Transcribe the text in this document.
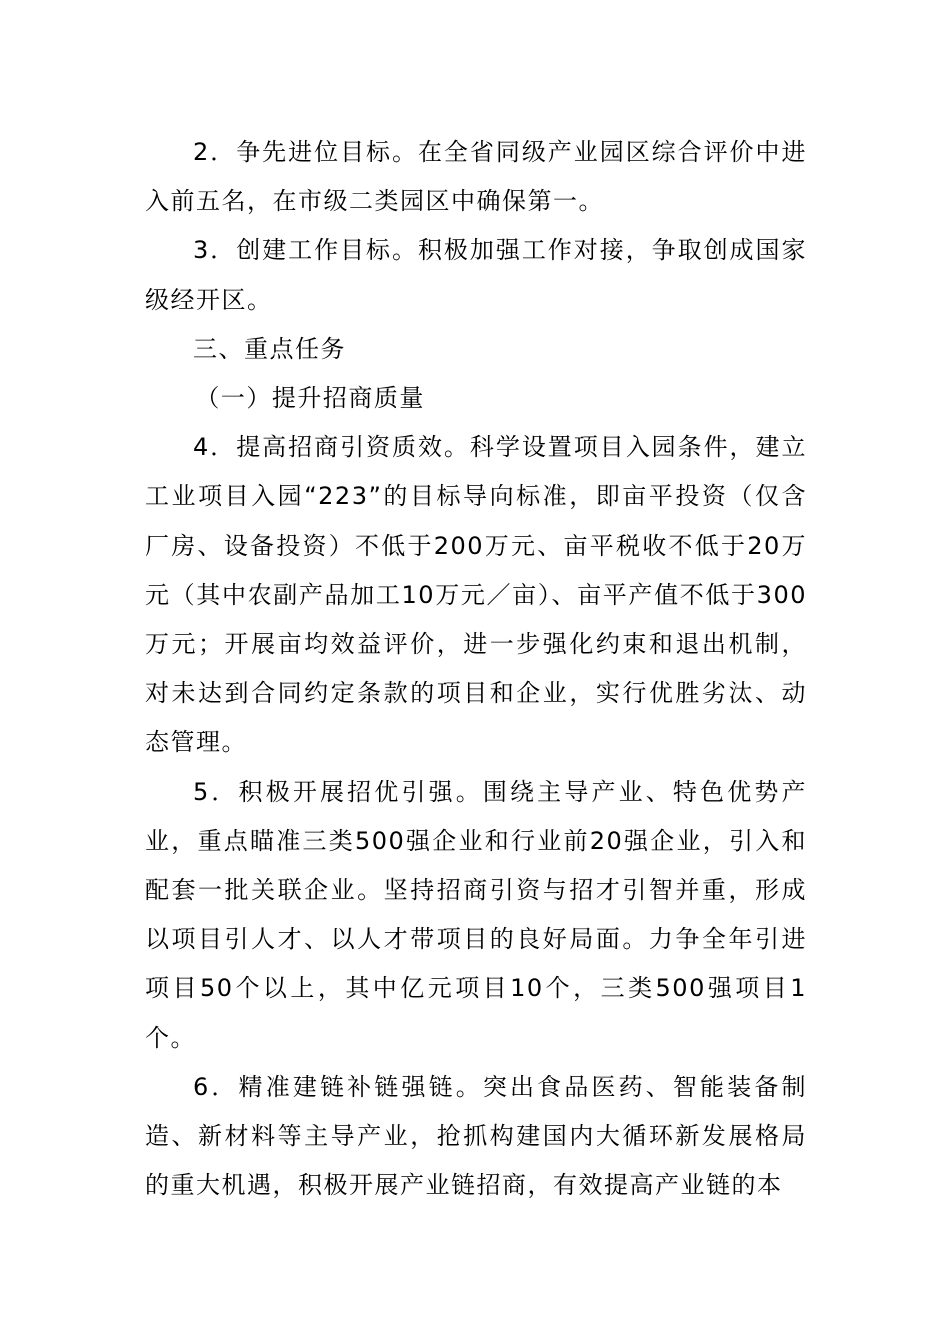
2．争先进位目标。在全省同级产业园区综合评价中进入前五名，在市级二类园区中确保第一。

3．创建工作目标。积极加强工作对接，争取创成国家级经开区。

三、重点任务

（一）提升招商质量

4．提高招商引资质效。科学设置项目入园条件，建立工业项目入园“223”的目标导向标准，即亩平投资（仅含厂房、设备投资）不低于200万元、亩平税收不低于20万元（其中农副产品加工10万元／亩）、亩平产值不低于300万元；开展亩均效益评价，进一步强化约束和退出机制，对未达到合同约定条款的项目和企业，实行优胜劣汰、动态管理。

5．积极开展招优引强。围绕主导产业、特色优势产业，重点瞄准三类500强企业和行业前20强企业，引入和配套一批关联企业。坚持招商引资与招才引智并重，形成以项目引人才、以人才带项目的良好局面。力争全年引进项目50个以上，其中亿元项目10个，三类500强项目1个。

6．精准建链补链强链。突出食品医药、智能装备制造、新材料等主导产业，抢抓构建国内大循环新发展格局的重大机遇，积极开展产业链招商，有效提高产业链的本
